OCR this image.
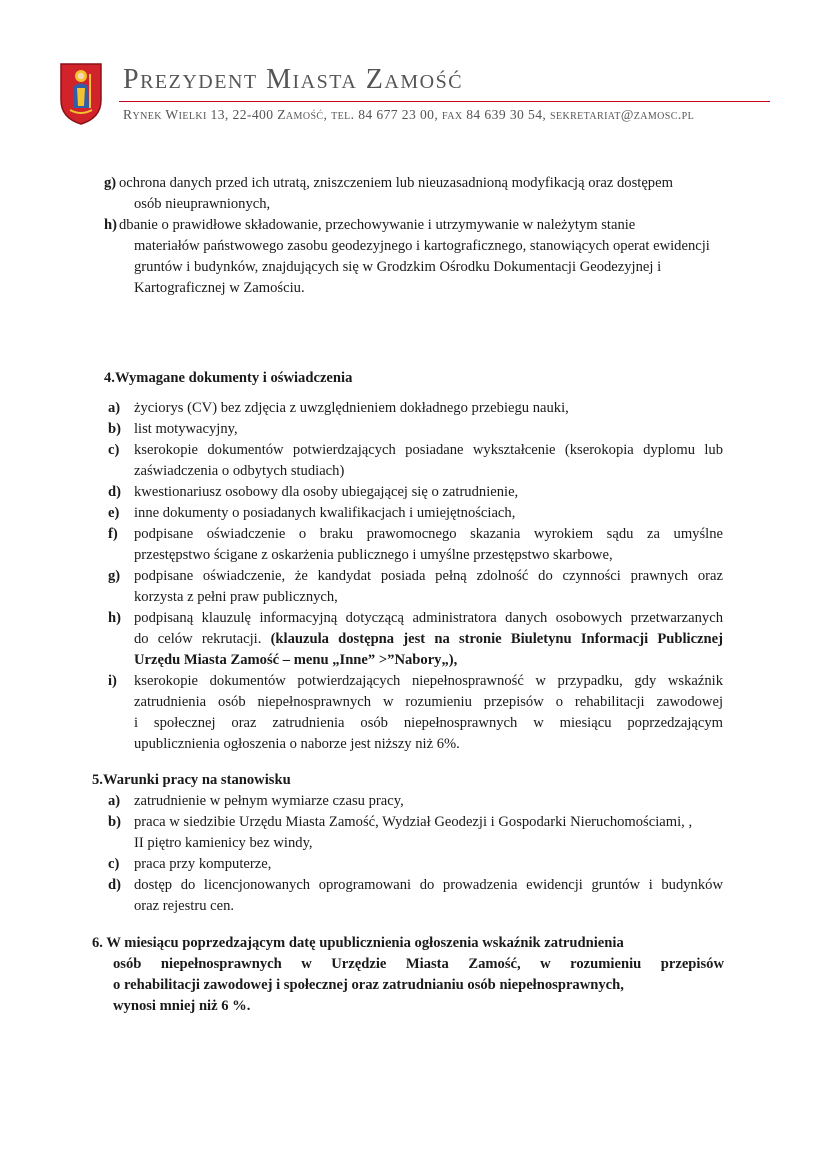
Prezydent Miasta Zamość
Rynek Wielki 13, 22-400 Zamość, tel. 84 677 23 00, fax 84 639 30 54, sekretariat@zamosc.pl
g) ochrona danych przed ich utratą, zniszczeniem lub nieuzasadnioną modyfikacją oraz dostępem
osób nieuprawnionych,
h) dbanie o prawidłowe składowanie, przechowywanie i utrzymywanie w należytym stanie
materiałów państwowego zasobu geodezyjnego i kartograficznego, stanowiących operat ewidencji
gruntów i budynków, znajdujących się w Grodzkim Ośrodku Dokumentacji Geodezyjnej i
Kartograficznej w Zamościu.
4.Wymagane dokumenty i oświadczenia
a) życiorys (CV) bez zdjęcia z uwzględnieniem dokładnego przebiegu nauki,
b) list motywacyjny,
c) kserokopie dokumentów potwierdzających posiadane wykształcenie (kserokopia dyplomu lub
zaświadczenia o odbytych studiach)
d) kwestionariusz osobowy dla osoby ubiegającej się o zatrudnienie,
e) inne dokumenty o posiadanych kwalifikacjach i umiejętnościach,
f) podpisane oświadczenie o braku prawomocnego skazania wyrokiem sądu za umyślne
przestępstwo ścigane z oskarżenia publicznego i umyślne przestępstwo skarbowe,
g) podpisane oświadczenie, że kandydat posiada pełną zdolność do czynności prawnych oraz
korzysta z pełni praw publicznych,
h) podpisaną klauzulę informacyjną dotyczącą administratora danych osobowych przetwarzanych
do celów rekrutacji. (klauzula dostępna jest na stronie Biuletynu Informacji Publicznej
Urzędu Miasta Zamość – menu „Inne” >”Nabory„),
i) kserokopie dokumentów potwierdzających niepełnosprawność w przypadku, gdy wskaźnik
zatrudnienia osób niepełnosprawnych w rozumieniu przepisów o rehabilitacji zawodowej
i społecznej oraz zatrudnienia osób niepełnosprawnych w miesiącu poprzedzającym
upublicznienia ogłoszenia o naborze jest niższy niż 6%.
5.Warunki pracy na stanowisku
a) zatrudnienie w pełnym wymiarze czasu pracy,
b) praca w siedzibie Urzędu Miasta Zamość, Wydział Geodezji i Gospodarki Nieruchomościami, ,
II piętro kamienicy bez windy,
c) praca przy komputerze,
d) dostęp do licencjonowanych oprogramowani do prowadzenia ewidencji gruntów i budynków
oraz rejestru cen.
6. W miesiącu poprzedzającym datę upublicznienia ogłoszenia wskaźnik zatrudnienia
osób niepełnosprawnych w Urzędzie Miasta Zamość, w rozumieniu przepisów
o rehabilitacji zawodowej i społecznej oraz zatrudnianiu osób niepełnosprawnych,
wynosi mniej niż 6 %.
